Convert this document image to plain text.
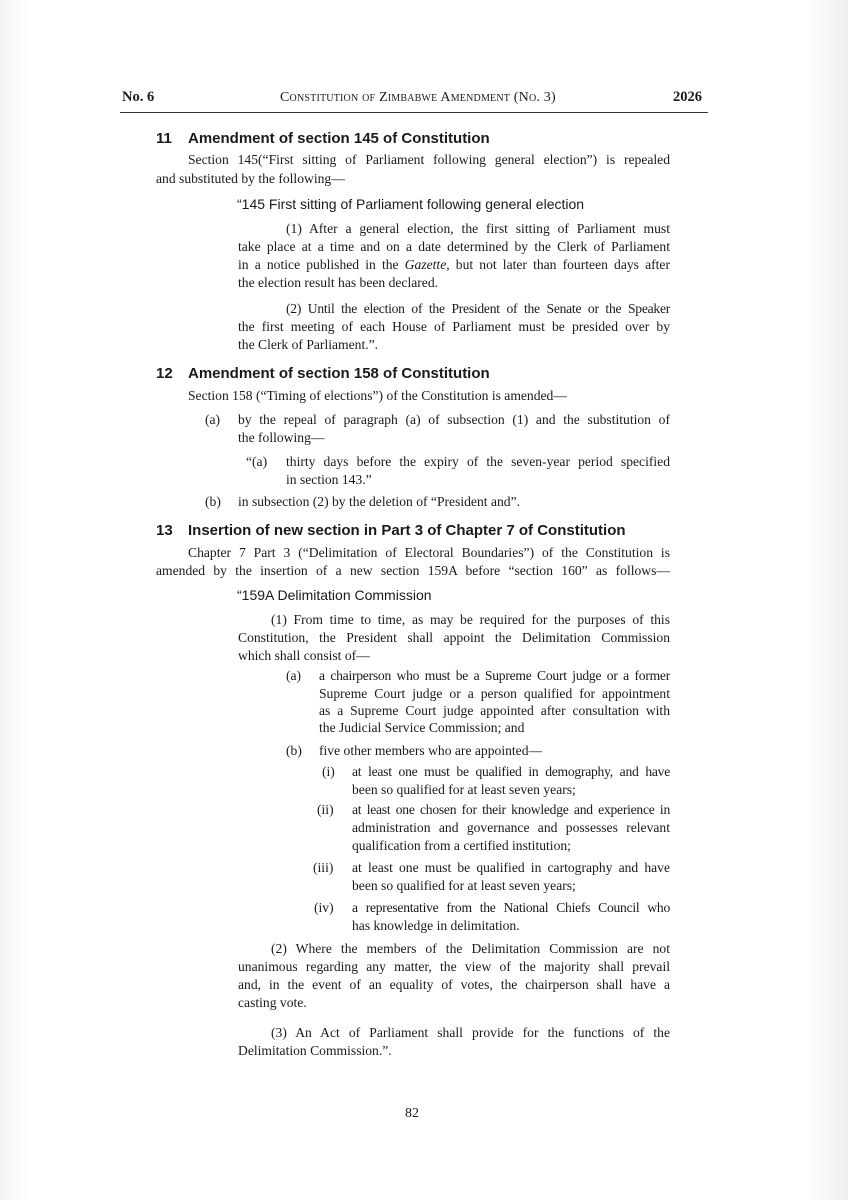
No. 6	Constitution of Zimbabwe Amendment (No. 3)	2026
11 Amendment of section 145 of Constitution
Section 145(“First sitting of Parliament following general election”) is repealed
and substituted by the following—
“145 First sitting of Parliament following general election
(1) After a general election, the first sitting of Parliament must
take place at a time and on a date determined by the Clerk of Parliament
in a notice published in the Gazette, but not later than fourteen days after
the election result has been declared.
(2) Until the election of the President of the Senate or the Speaker
the first meeting of each House of Parliament must be presided over by
the Clerk of Parliament.”.
12 Amendment of section 158 of Constitution
Section 158 (“Timing of elections”) of the Constitution is amended—
(a) by the repeal of paragraph (a) of subsection (1) and the substitution of
the following—
“(a) thirty days before the expiry of the seven-year period specified
in section 143.”
(b) in subsection (2) by the deletion of “President and”.
13 Insertion of new section in Part 3 of Chapter 7 of Constitution
Chapter 7 Part 3 (“Delimitation of Electoral Boundaries”) of the Constitution is
amended by the insertion of a new section 159A before “section 160” as follows—
“159A Delimitation Commission
(1) From time to time, as may be required for the purposes of this
Constitution, the President shall appoint the Delimitation Commission
which shall consist of—
(a) a chairperson who must be a Supreme Court judge or a former
Supreme Court judge or a person qualified for appointment
as a Supreme Court judge appointed after consultation with
the Judicial Service Commission; and
(b) five other members who are appointed—
(i) at least one must be qualified in demography, and have
been so qualified for at least seven years;
(ii) at least one chosen for their knowledge and experience in
administration and governance and possesses relevant
qualification from a certified institution;
(iii) at least one must be qualified in cartography and have
been so qualified for at least seven years;
(iv) a representative from the National Chiefs Council who
has knowledge in delimitation.
(2) Where the members of the Delimitation Commission are not
unanimous regarding any matter, the view of the majority shall prevail
and, in the event of an equality of votes, the chairperson shall have a
casting vote.
(3) An Act of Parliament shall provide for the functions of the
Delimitation Commission.”.
82
